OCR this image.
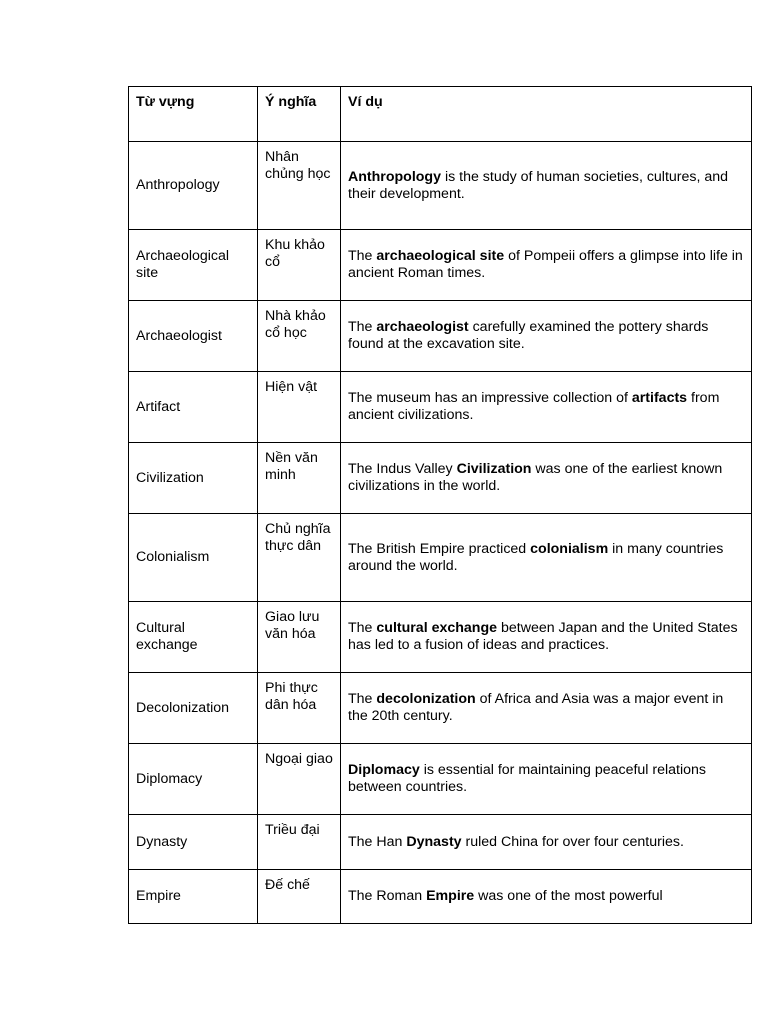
Từ vựng	Ý nghĩa	Ví dụ
Anthropology	Nhân chủng học	Anthropology is the study of human societies, cultures, and their development.
Archaeological site	Khu khảo cổ	The archaeological site of Pompeii offers a glimpse into life in ancient Roman times.
Archaeologist	Nhà khảo cổ học	The archaeologist carefully examined the pottery shards found at the excavation site.
Artifact	Hiện vật	The museum has an impressive collection of artifacts from ancient civilizations.
Civilization	Nền văn minh	The Indus Valley Civilization was one of the earliest known civilizations in the world.
Colonialism	Chủ nghĩa thực dân	The British Empire practiced colonialism in many countries around the world.
Cultural exchange	Giao lưu văn hóa	The cultural exchange between Japan and the United States has led to a fusion of ideas and practices.
Decolonization	Phi thực dân hóa	The decolonization of Africa and Asia was a major event in the 20th century.
Diplomacy	Ngoại giao	Diplomacy is essential for maintaining peaceful relations between countries.
Dynasty	Triều đại	The Han Dynasty ruled China for over four centuries.
Empire	Đế chế	The Roman Empire was one of the most powerful
